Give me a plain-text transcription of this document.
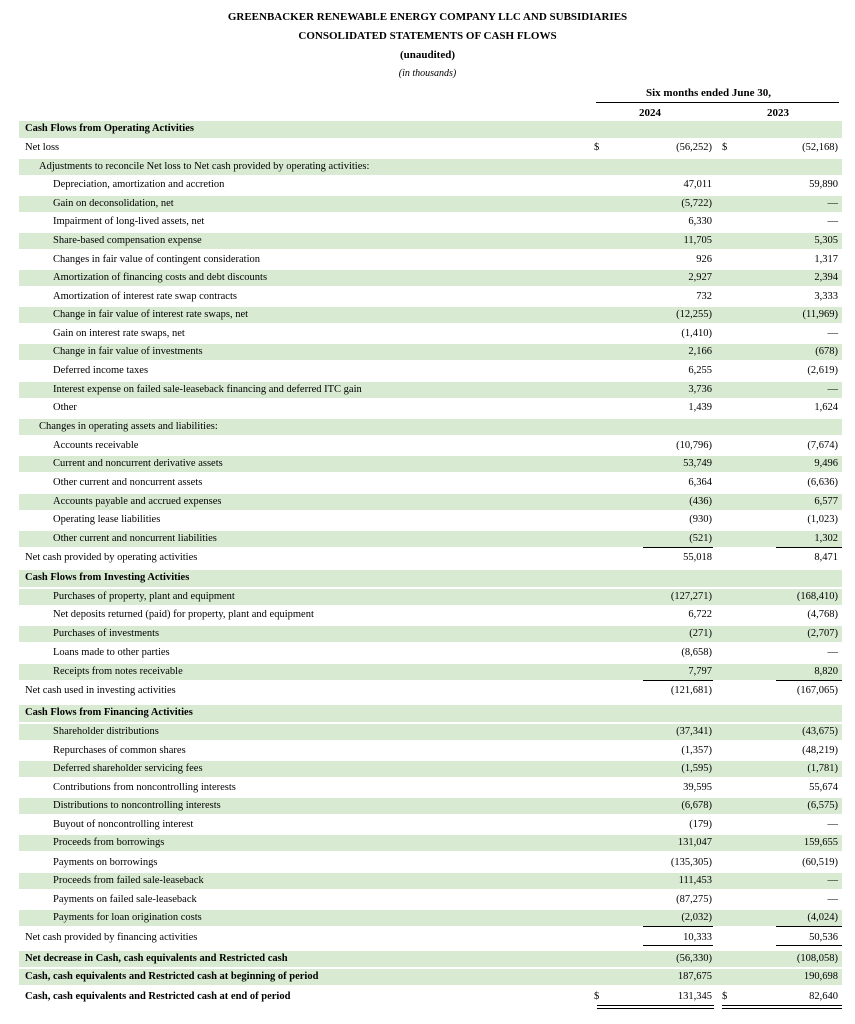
GREENBACKER RENEWABLE ENERGY COMPANY LLC AND SUBSIDIARIES
CONSOLIDATED STATEMENTS OF CASH FLOWS
(unaudited)
(in thousands)
Six months ended June 30,
2024	2023
Cash Flows from Operating Activities
Net loss	$	(56,252) $	(52,168)
Adjustments to reconcile Net loss to Net cash provided by operating activities:
Depreciation, amortization and accretion	47,011	59,890
Gain on deconsolidation, net	(5,722)	—
Impairment of long-lived assets, net	6,330	—
Share-based compensation expense	11,705	5,305
Changes in fair value of contingent consideration	926	1,317
Amortization of financing costs and debt discounts	2,927	2,394
Amortization of interest rate swap contracts	732	3,333
Change in fair value of interest rate swaps, net	(12,255)	(11,969)
Gain on interest rate swaps, net	(1,410)	—
Change in fair value of investments	2,166	(678)
Deferred income taxes	6,255	(2,619)
Interest expense on failed sale-leaseback financing and deferred ITC gain	3,736	—
Other	1,439	1,624
Changes in operating assets and liabilities:
Accounts receivable	(10,796)	(7,674)
Current and noncurrent derivative assets	53,749	9,496
Other current and noncurrent assets	6,364	(6,636)
Accounts payable and accrued expenses	(436)	6,577
Operating lease liabilities	(930)	(1,023)
Other current and noncurrent liabilities	(521)	1,302
Net cash provided by operating activities	55,018	8,471
Cash Flows from Investing Activities
Purchases of property, plant and equipment	(127,271)	(168,410)
Net deposits returned (paid) for property, plant and equipment	6,722	(4,768)
Purchases of investments	(271)	(2,707)
Loans made to other parties	(8,658)	—
Receipts from notes receivable	7,797	8,820
Net cash used in investing activities	(121,681)	(167,065)
Cash Flows from Financing Activities
Shareholder distributions	(37,341)	(43,675)
Repurchases of common shares	(1,357)	(48,219)
Deferred shareholder servicing fees	(1,595)	(1,781)
Contributions from noncontrolling interests	39,595	55,674
Distributions to noncontrolling interests	(6,678)	(6,575)
Buyout of noncontrolling interest	(179)	—
Proceeds from borrowings	131,047	159,655
Payments on borrowings	(135,305)	(60,519)
Proceeds from failed sale-leaseback	111,453	—
Payments on failed sale-leaseback	(87,275)	—
Payments for loan origination costs	(2,032)	(4,024)
Net cash provided by financing activities	10,333	50,536
Net decrease in Cash, cash equivalents and Restricted cash	(56,330)	(108,058)
Cash, cash equivalents and Restricted cash at beginning of period	187,675	190,698
Cash, cash equivalents and Restricted cash at end of period	$	131,345 $	82,640
